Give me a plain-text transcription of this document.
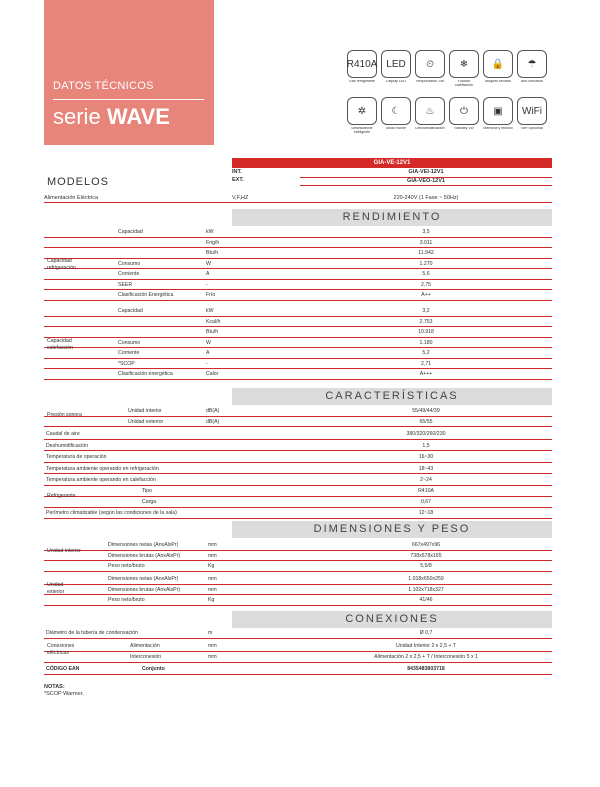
DATOS TÉCNICOS
serie WAVE
R410A
Gas refrigerante
LED
Display LED
⏲
Temporizador 24h
❄
Función calefacción
🔒
Bloqueo teclado
☂
Anti-corrosion
✲
Desescarche inteligente
☾
Modo noche
♨
Deshumidificación
⏻
Standby 1W
▣
Memoria y reinicio
WiFi
WiFi opcional
GIA-VE-12V1
MODELOS
INT.
EXT.
GIA-VEI-12V1
GIA-VEO-12V1
Alimentación Eléctrica	V,F,HZ	220-240V (1 Fase ~ 50Hz)
RENDIMIENTO
CARACTERÍSTICAS
DIMENSIONES Y PESO
CONEXIONES
Capacidad	kW	3,5
Frig/h	3.011
Btu/h	11.942
Consumo	W	1.270
Corriente	A	5,6
SEER	-	2,75
Clasificación Energética	Frío	A++
Capacidad refrigeración
Capacidad	kW	3,2
Kcal/h	2.753
Btu/h	10.918
Consumo	W	1.180
Corriente	A	5,2
*SCOP	-	2,71
Clasificación energética	Calor	A+++
Capacidad calefacción
Unidad interior	dB(A)	55/49/44/39
Unidad exterior	dB(A)	65/55
Presión sonora
Caudal de aire	380/320/260/230
Deshumidificación	1,5
Temperatura de operación	16~30
Temperatura ambiente operando en refrigeración	18~43
Temperatura ambiente operando en calefacción	2~24
Tipo	R410A
Carga	0,67
Refrigerante
Perímetro climatizable (según las condiciones de la sala)	12~18
Dimensiones netas (AnxAlxPr)	mm	667x497x96
Dimensiones brutas (AnxAlxPr)	mm	738x578x165
Peso neto/bruto	Kg	5,5/8
Unidad interior
Dimensiones netas (AnxAlxPr)	mm	1.018x650x259
Dimensiones brutas (AnxAlxPr)	mm	1.102x718x327
Peso neto/bruto	Kg	41/46
Unidad exterior
Diámetro de la tubería de condensación	m	Ø 0,7
Alimentación	mm	Unidad Interior 2 x 2,5 + T
Interconexión	mm	Alimentación 2 x 2,5 + T / Interconexión 5 x 1
Conexiones eléctricas
CÓDIGO EAN	Conjunto	8435483803718
NOTAS:
*SCOP Warmer.
